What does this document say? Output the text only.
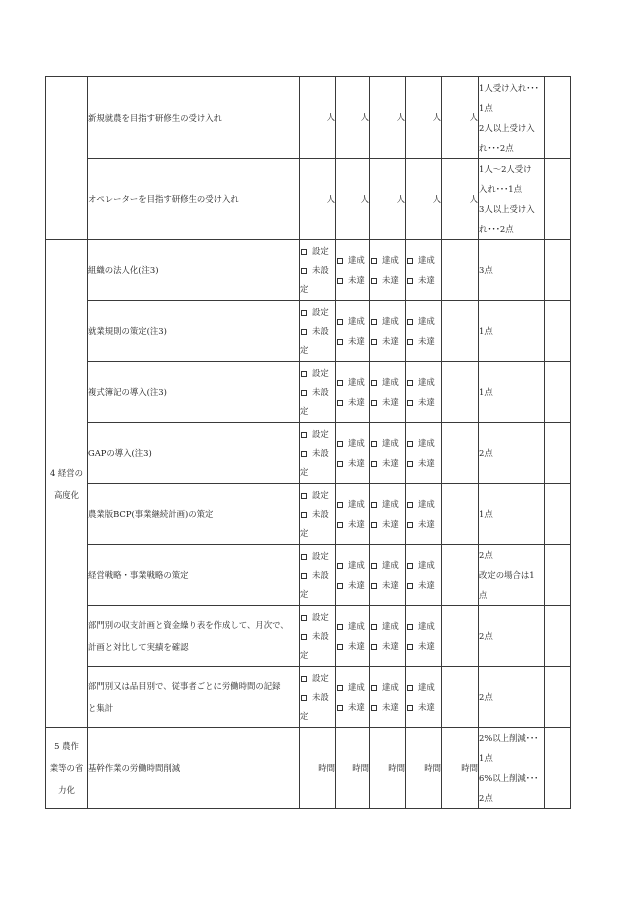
	新規就農を目指す研修生の受け入れ	人	人	人	人	人	1人受け入れ･･･
1点
2人以上受け入
れ･･･2点	

	オペレーターを目指す研修生の受け入れ	人	人	人	人	人	1人～2人受け
入れ･･･1点
3人以上受け入
れ･･･2点	

4 経営の
高度化	組織の法人化(注3)	設定
未設
定	達成
未達	達成
未達	達成
未達		3点	

	就業規則の策定(注3)	設定
未設
定	達成
未達	達成
未達	達成
未達		1点	

	複式簿記の導入(注3)	設定
未設
定	達成
未達	達成
未達	達成
未達		1点	

	GAPの導入(注3)	設定
未設
定	達成
未達	達成
未達	達成
未達		2点	

	農業版BCP(事業継続計画)の策定	設定
未設
定	達成
未達	達成
未達	達成
未達		1点	

	経営戦略・事業戦略の策定	設定
未設
定	達成
未達	達成
未達	達成
未達		2点
改定の場合は1
点	

	部門別の収支計画と資金繰り表を作成して、月次で、
計画と対比して実績を確認	設定
未設
定	達成
未達	達成
未達	達成
未達		2点	

	部門別又は品目別で、従事者ごとに労働時間の記録
と集計	設定
未設
定	達成
未達	達成
未達	達成
未達		2点	

5 農作
業等の省
力化	基幹作業の労働時間削減	時間	時間	時間	時間	時間	2%以上削減･･･
1点
6%以上削減･･･
2点	
